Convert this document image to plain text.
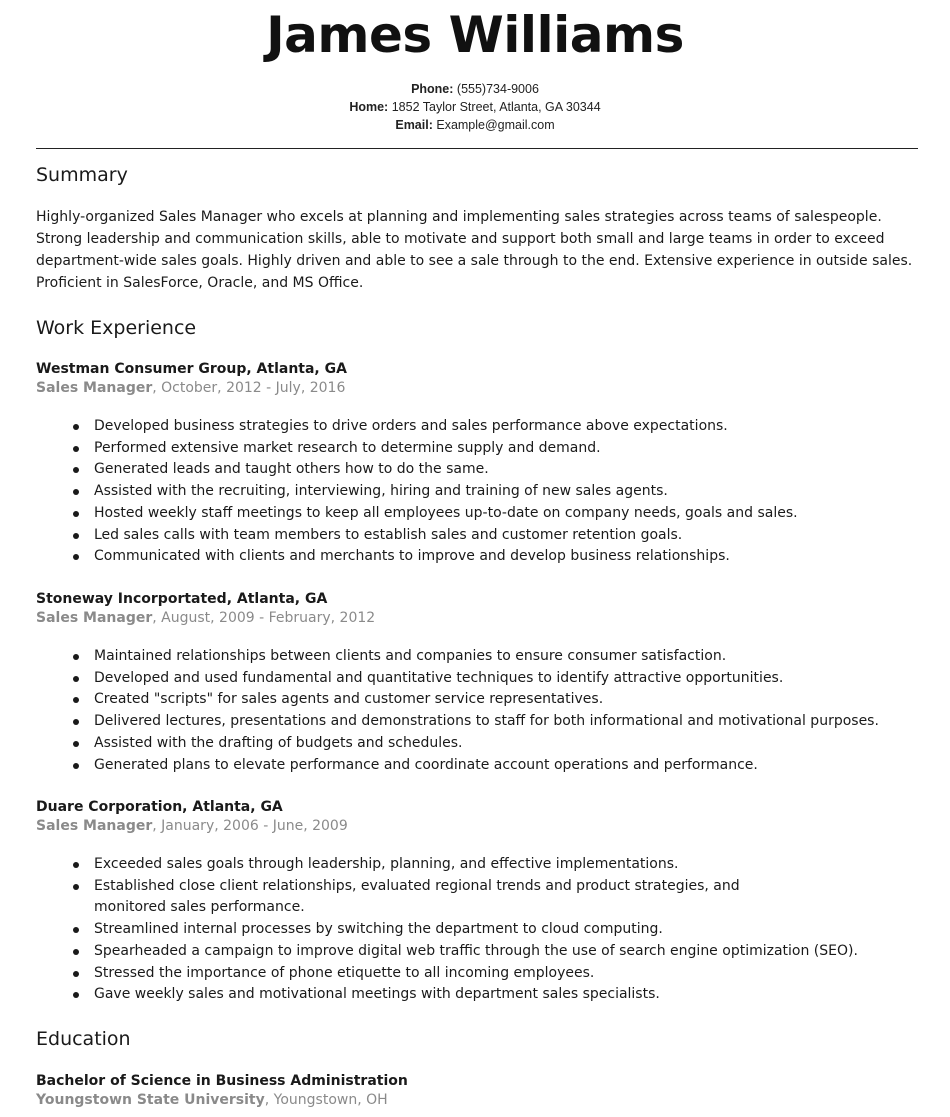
James Williams
Phone: (555)734-9006
Home: 1852 Taylor Street, Atlanta, GA 30344
Email: Example@gmail.com
Summary
Highly-organized Sales Manager who excels at planning and implementing sales strategies across teams of salespeople. Strong leadership and communication skills, able to motivate and support both small and large teams in order to exceed department-wide sales goals. Highly driven and able to see a sale through to the end. Extensive experience in outside sales. Proficient in SalesForce, Oracle, and MS Office.
Work Experience
Westman Consumer Group, Atlanta, GA
Sales Manager, October, 2012 - July, 2016
Developed business strategies to drive orders and sales performance above expectations.
Performed extensive market research to determine supply and demand.
Generated leads and taught others how to do the same.
Assisted with the recruiting, interviewing, hiring and training of new sales agents.
Hosted weekly staff meetings to keep all employees up-to-date on company needs, goals and sales.
Led sales calls with team members to establish sales and customer retention goals.
Communicated with clients and merchants to improve and develop business relationships.
Stoneway Incorportated, Atlanta, GA
Sales Manager, August, 2009 - February, 2012
Maintained relationships between clients and companies to ensure consumer satisfaction.
Developed and used fundamental and quantitative techniques to identify attractive opportunities.
Created "scripts" for sales agents and customer service representatives.
Delivered lectures, presentations and demonstrations to staff for both informational and motivational purposes.
Assisted with the drafting of budgets and schedules.
Generated plans to elevate performance and coordinate account operations and performance.
Duare Corporation, Atlanta, GA
Sales Manager, January, 2006 - June, 2009
Exceeded sales goals through leadership, planning, and effective implementations.
Established close client relationships, evaluated regional trends and product strategies, and monitored sales performance.
Streamlined internal processes by switching the department to cloud computing.
Spearheaded a campaign to improve digital web traffic through the use of search engine optimization (SEO).
Stressed the importance of phone etiquette to all incoming employees.
Gave weekly sales and motivational meetings with department sales specialists.
Education
Bachelor of Science in Business Administration
Youngstown State University, Youngstown, OH
